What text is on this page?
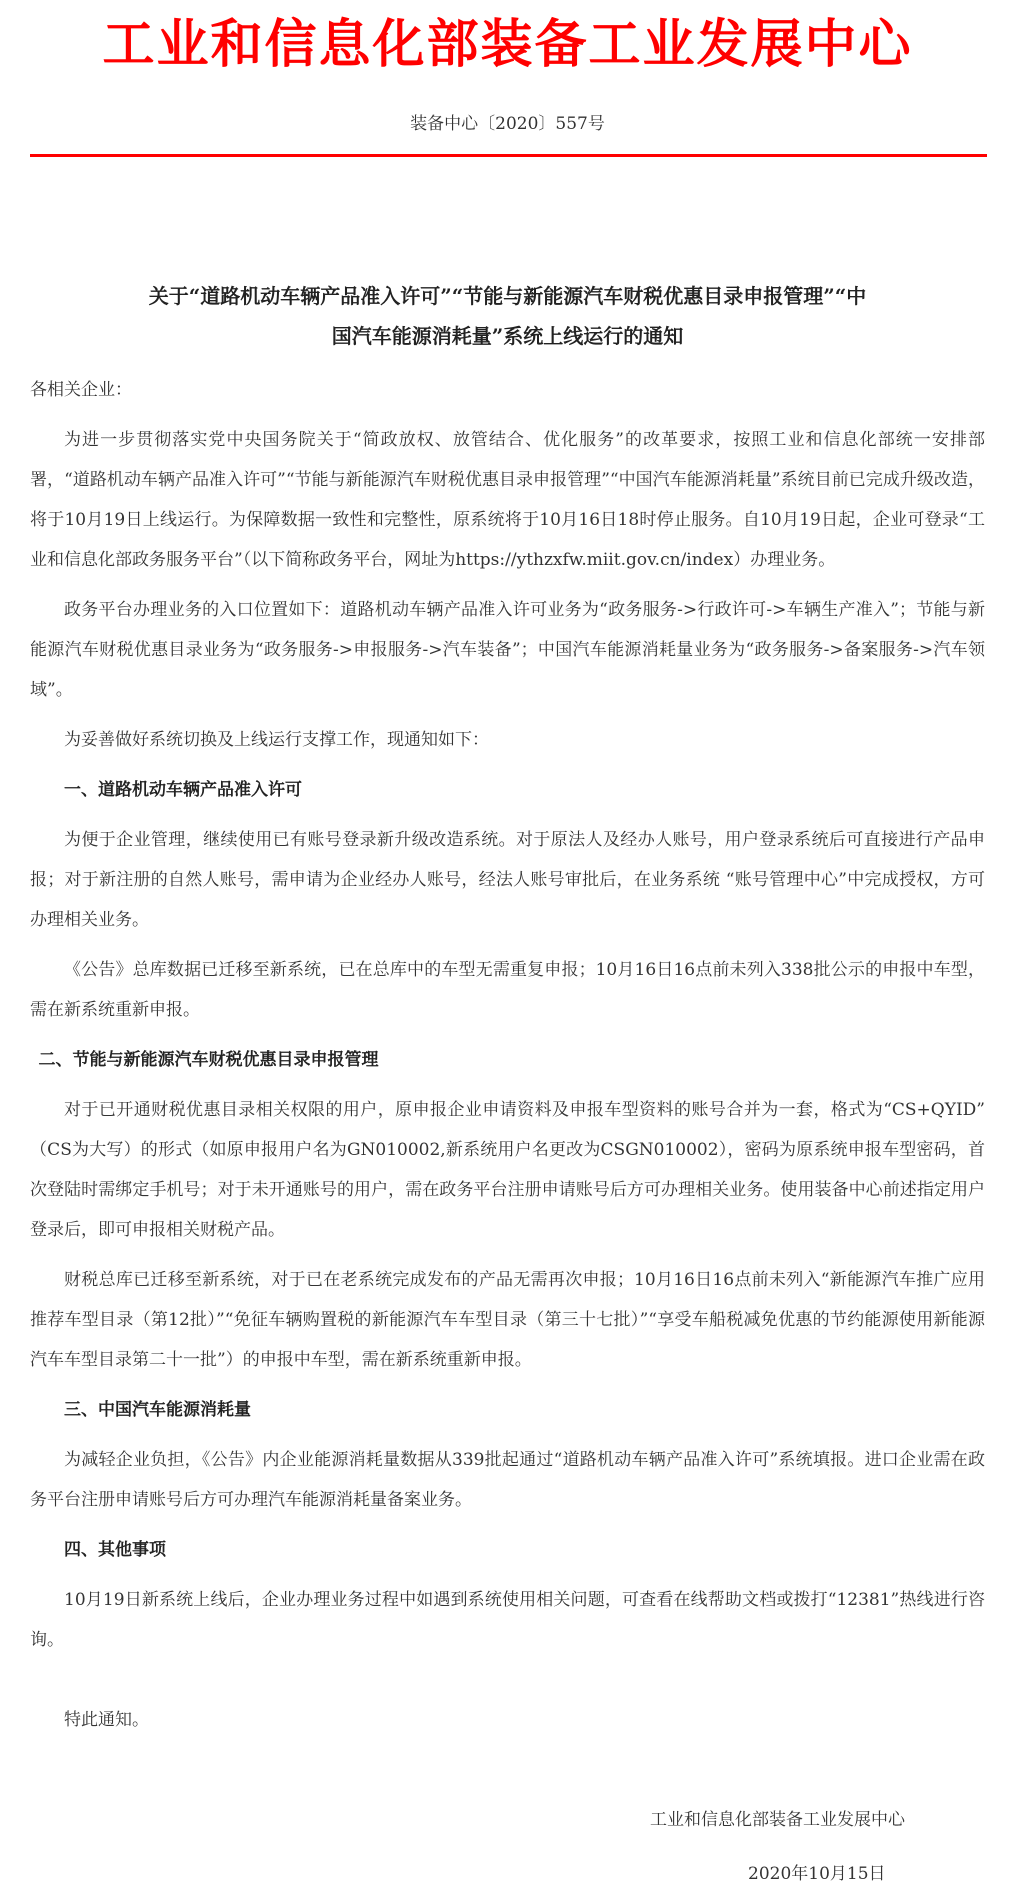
工业和信息化部装备工业发展中心
装备中心〔2020〕557号
关于“道路机动车辆产品准入许可”“节能与新能源汽车财税优惠目录申报管理”“中
国汽车能源消耗量”系统上线运行的通知

各相关企业：

为进一步贯彻落实党中央国务院关于“简政放权、放管结合、优化服务”的改革要求，按照工业和信息化部统一安排部署，“道路机动车辆产品准入许可”“节能与新能源汽车财税优惠目录申报管理”“中国汽车能源消耗量”系统目前已完成升级改造，将于10月19日上线运行。为保障数据一致性和完整性，原系统将于10月16日18时停止服务。自10月19日起，企业可登录“工业和信息化部政务服务平台”（以下简称政务平台，网址为https://ythzxfw.miit.gov.cn/index）办理业务。

政务平台办理业务的入口位置如下：道路机动车辆产品准入许可业务为“政务服务->行政许可->车辆生产准入”；节能与新能源汽车财税优惠目录业务为“政务服务->申报服务->汽车装备”；中国汽车能源消耗量业务为“政务服务->备案服务->汽车领域”。

为妥善做好系统切换及上线运行支撑工作，现通知如下：

一、道路机动车辆产品准入许可

为便于企业管理，继续使用已有账号登录新升级改造系统。对于原法人及经办人账号，用户登录系统后可直接进行产品申报；对于新注册的自然人账号，需申请为企业经办人账号，经法人账号审批后，在业务系统 “账号管理中心”中完成授权，方可办理相关业务。

《公告》总库数据已迁移至新系统，已在总库中的车型无需重复申报；10月16日16点前未列入338批公示的申报中车型，需在新系统重新申报。

二、节能与新能源汽车财税优惠目录申报管理

对于已开通财税优惠目录相关权限的用户，原申报企业申请资料及申报车型资料的账号合并为一套，格式为“CS+QYID” （CS为大写）的形式（如原申报用户名为GN010002,新系统用户名更改为CSGN010002），密码为原系统申报车型密码，首次登陆时需绑定手机号；对于未开通账号的用户，需在政务平台注册申请账号后方可办理相关业务。使用装备中心前述指定用户登录后，即可申报相关财税产品。

财税总库已迁移至新系统，对于已在老系统完成发布的产品无需再次申报；10月16日16点前未列入“新能源汽车推广应用推荐车型目录（第12批）”“免征车辆购置税的新能源汽车车型目录（第三十七批）”“享受车船税减免优惠的节约能源使用新能源汽车车型目录第二十一批”）的申报中车型，需在新系统重新申报。

三、中国汽车能源消耗量

为减轻企业负担，《公告》内企业能源消耗量数据从339批起通过“道路机动车辆产品准入许可”系统填报。进口企业需在政务平台注册申请账号后方可办理汽车能源消耗量备案业务。

四、其他事项

10月19日新系统上线后，企业办理业务过程中如遇到系统使用相关问题，可查看在线帮助文档或拨打“12381”热线进行咨询。

特此通知。

工业和信息化部装备工业发展中心
2020年10月15日
